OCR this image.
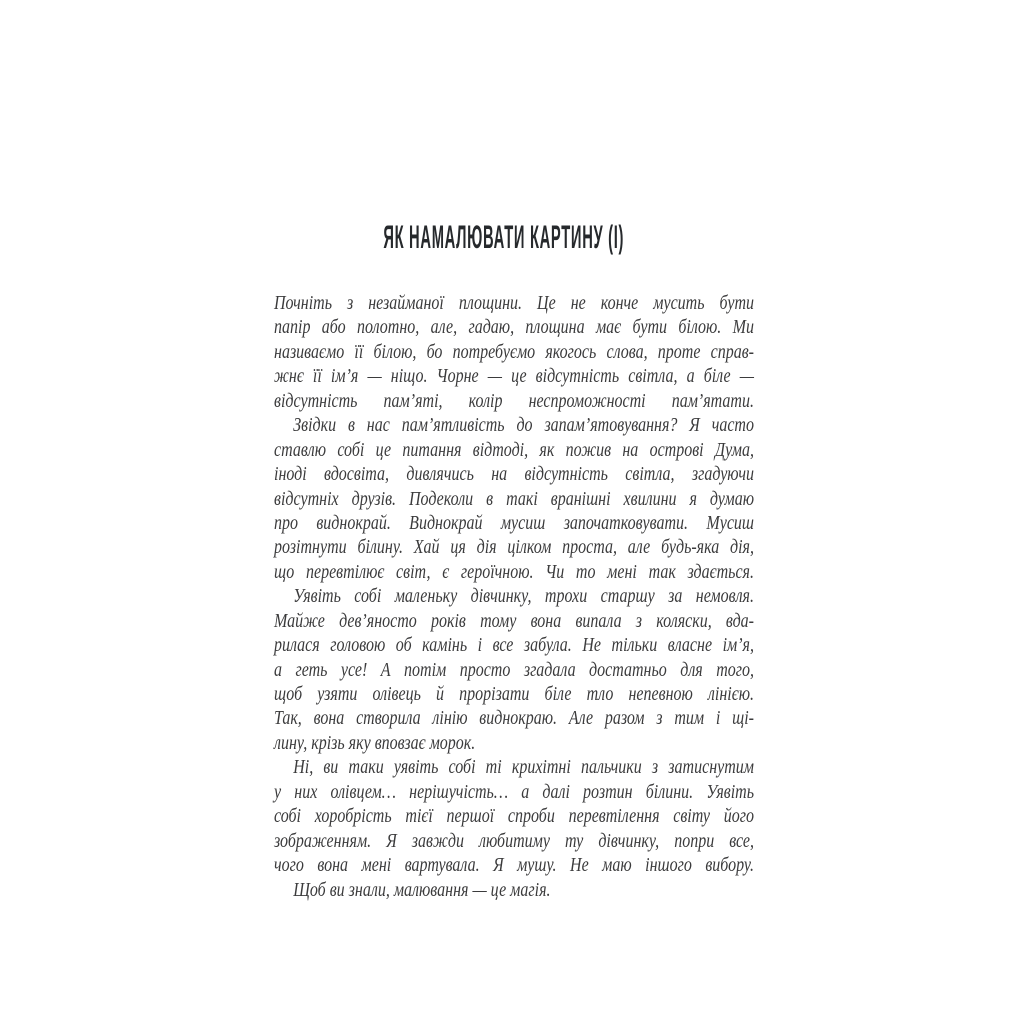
ЯК НАМАЛЮВАТИ КАРТИНУ (І)
Почніть з незайманої площини. Це не конче мусить бути
папір або полотно, але, гадаю, площина має бути білою. Ми
називаємо її білою, бо потребуємо якогось слова, проте справ-
жнє її ім’я — ніщо. Чорне — це відсутність світла, а біле —
відсутність пам’яті, колір неспроможності пам’ятати.
Звідки в нас пам’ятливість до запам’ятовування? Я часто
ставлю собі це питання відтоді, як пожив на острові Дума,
іноді вдосвіта, дивлячись на відсутність світла, згадуючи
відсутніх друзів. Подеколи в такі вранішні хвилини я думаю
про виднокрай. Виднокрай мусиш започатковувати. Мусиш
розітнути білину. Хай ця дія цілком проста, але будь-яка дія,
що перевтілює світ, є героїчною. Чи то мені так здається.
Уявіть собі маленьку дівчинку, трохи старшу за немовля.
Майже дев’яносто років тому вона випала з коляски, вда-
рилася головою об камінь і все забула. Не тільки власне ім’я,
а геть усе! А потім просто згадала достатньо для того,
щоб узяти олівець й прорізати біле тло непевною лінією.
Так, вона створила лінію виднокраю. Але разом з тим і щі-
лину, крізь яку вповзає морок.
Ні, ви таки уявіть собі ті крихітні пальчики з затиснутим
у них олівцем… нерішучість… а далі розтин білини. Уявіть
собі хоробрість тієї першої спроби перевтілення світу його
зображенням. Я завжди любитиму ту дівчинку, попри все,
чого вона мені вартувала. Я мушу. Не маю іншого вибору.
Щоб ви знали, малювання — це магія.
